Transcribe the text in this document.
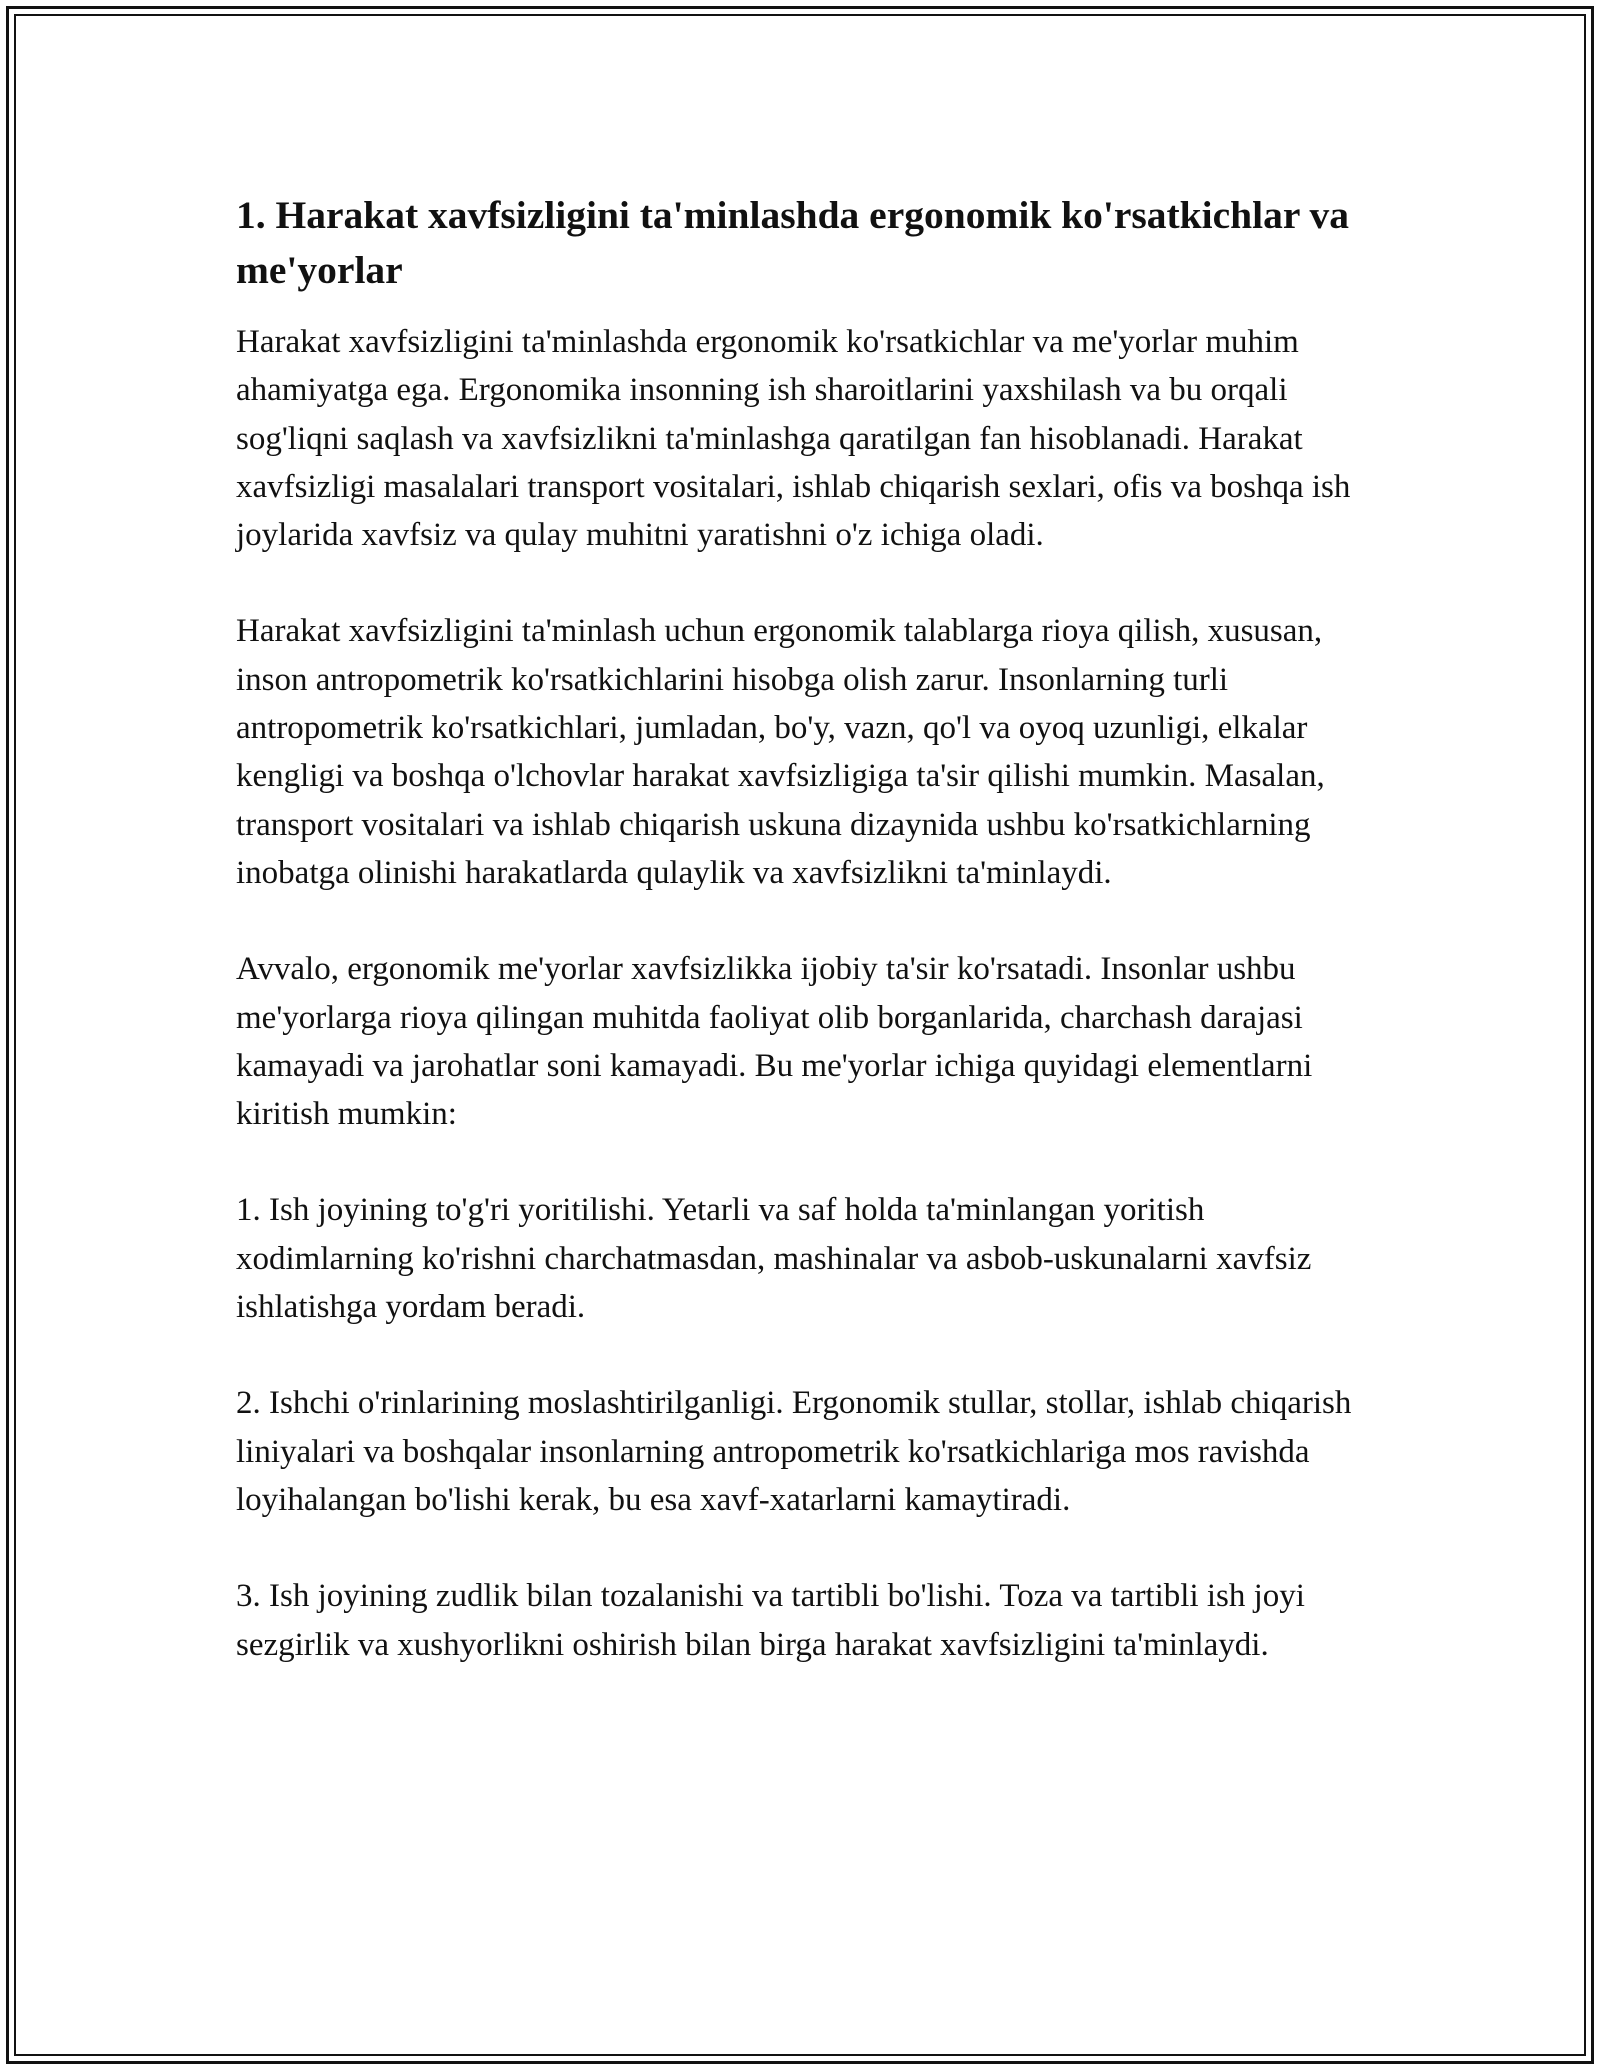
1. Harakat xavfsizligini ta'minlashda ergonomik ko'rsatkichlar va me'yorlar

Harakat xavfsizligini ta'minlashda ergonomik ko'rsatkichlar va me'yorlar muhim ahamiyatga ega. Ergonomika insonning ish sharoitlarini yaxshilash va bu orqali sog'liqni saqlash va xavfsizlikni ta'minlashga qaratilgan fan hisoblanadi. Harakat xavfsizligi masalalari transport vositalari, ishlab chiqarish sexlari, ofis va boshqa ish joylarida xavfsiz va qulay muhitni yaratishni o'z ichiga oladi.

Harakat xavfsizligini ta'minlash uchun ergonomik talablarga rioya qilish, xususan, inson antropometrik ko'rsatkichlarini hisobga olish zarur. Insonlarning turli antropometrik ko'rsatkichlari, jumladan, bo'y, vazn, qo'l va oyoq uzunligi, elkalar kengligi va boshqa o'lchovlar harakat xavfsizligiga ta'sir qilishi mumkin. Masalan, transport vositalari va ishlab chiqarish uskuna dizaynida ushbu ko'rsatkichlarning inobatga olinishi harakatlarda qulaylik va xavfsizlikni ta'minlaydi.

Avvalo, ergonomik me'yorlar xavfsizlikka ijobiy ta'sir ko'rsatadi. Insonlar ushbu me'yorlarga rioya qilingan muhitda faoliyat olib borganlarida, charchash darajasi kamayadi va jarohatlar soni kamayadi. Bu me'yorlar ichiga quyidagi elementlarni kiritish mumkin:

1. Ish joyining to'g'ri yoritilishi. Yetarli va saf holda ta'minlangan yoritish xodimlarning ko'rishni charchatmasdan, mashinalar va asbob-uskunalarni xavfsiz ishlatishga yordam beradi.

2. Ishchi o'rinlarining moslashtirilganligi. Ergonomik stullar, stollar, ishlab chiqarish liniyalari va boshqalar insonlarning antropometrik ko'rsatkichlariga mos ravishda loyihalangan bo'lishi kerak, bu esa xavf-xatarlarni kamaytiradi.

3. Ish joyining zudlik bilan tozalanishi va tartibli bo'lishi. Toza va tartibli ish joyi sezgirlik va xushyorlikni oshirish bilan birga harakat xavfsizligini ta'minlaydi.
